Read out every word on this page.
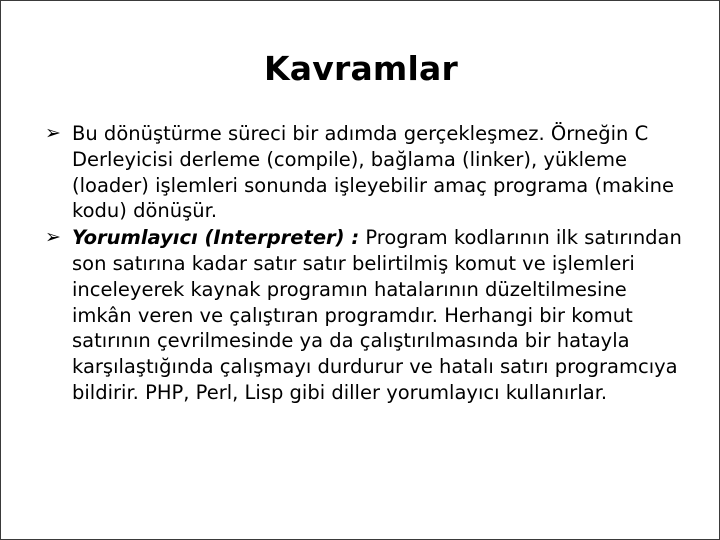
Kavramlar
➢ Bu dönüştürme süreci bir adımda gerçekleşmez. Örneğin C Derleyicisi derleme (compile), bağlama (linker), yükleme (loader) işlemleri sonunda işleyebilir amaç programa (makine kodu) dönüşür.
➢ Yorumlayıcı (Interpreter) : Program kodlarının ilk satırından son satırına kadar satır satır belirtilmiş komut ve işlemleri inceleyerek kaynak programın hatalarının düzeltilmesine imkân veren ve çalıştıran programdır. Herhangi bir komut satırının çevrilmesinde ya da çalıştırılmasında bir hatayla karşılaştığında çalışmayı durdurur ve hatalı satırı programcıya bildirir. PHP, Perl, Lisp gibi diller yorumlayıcı kullanırlar.
